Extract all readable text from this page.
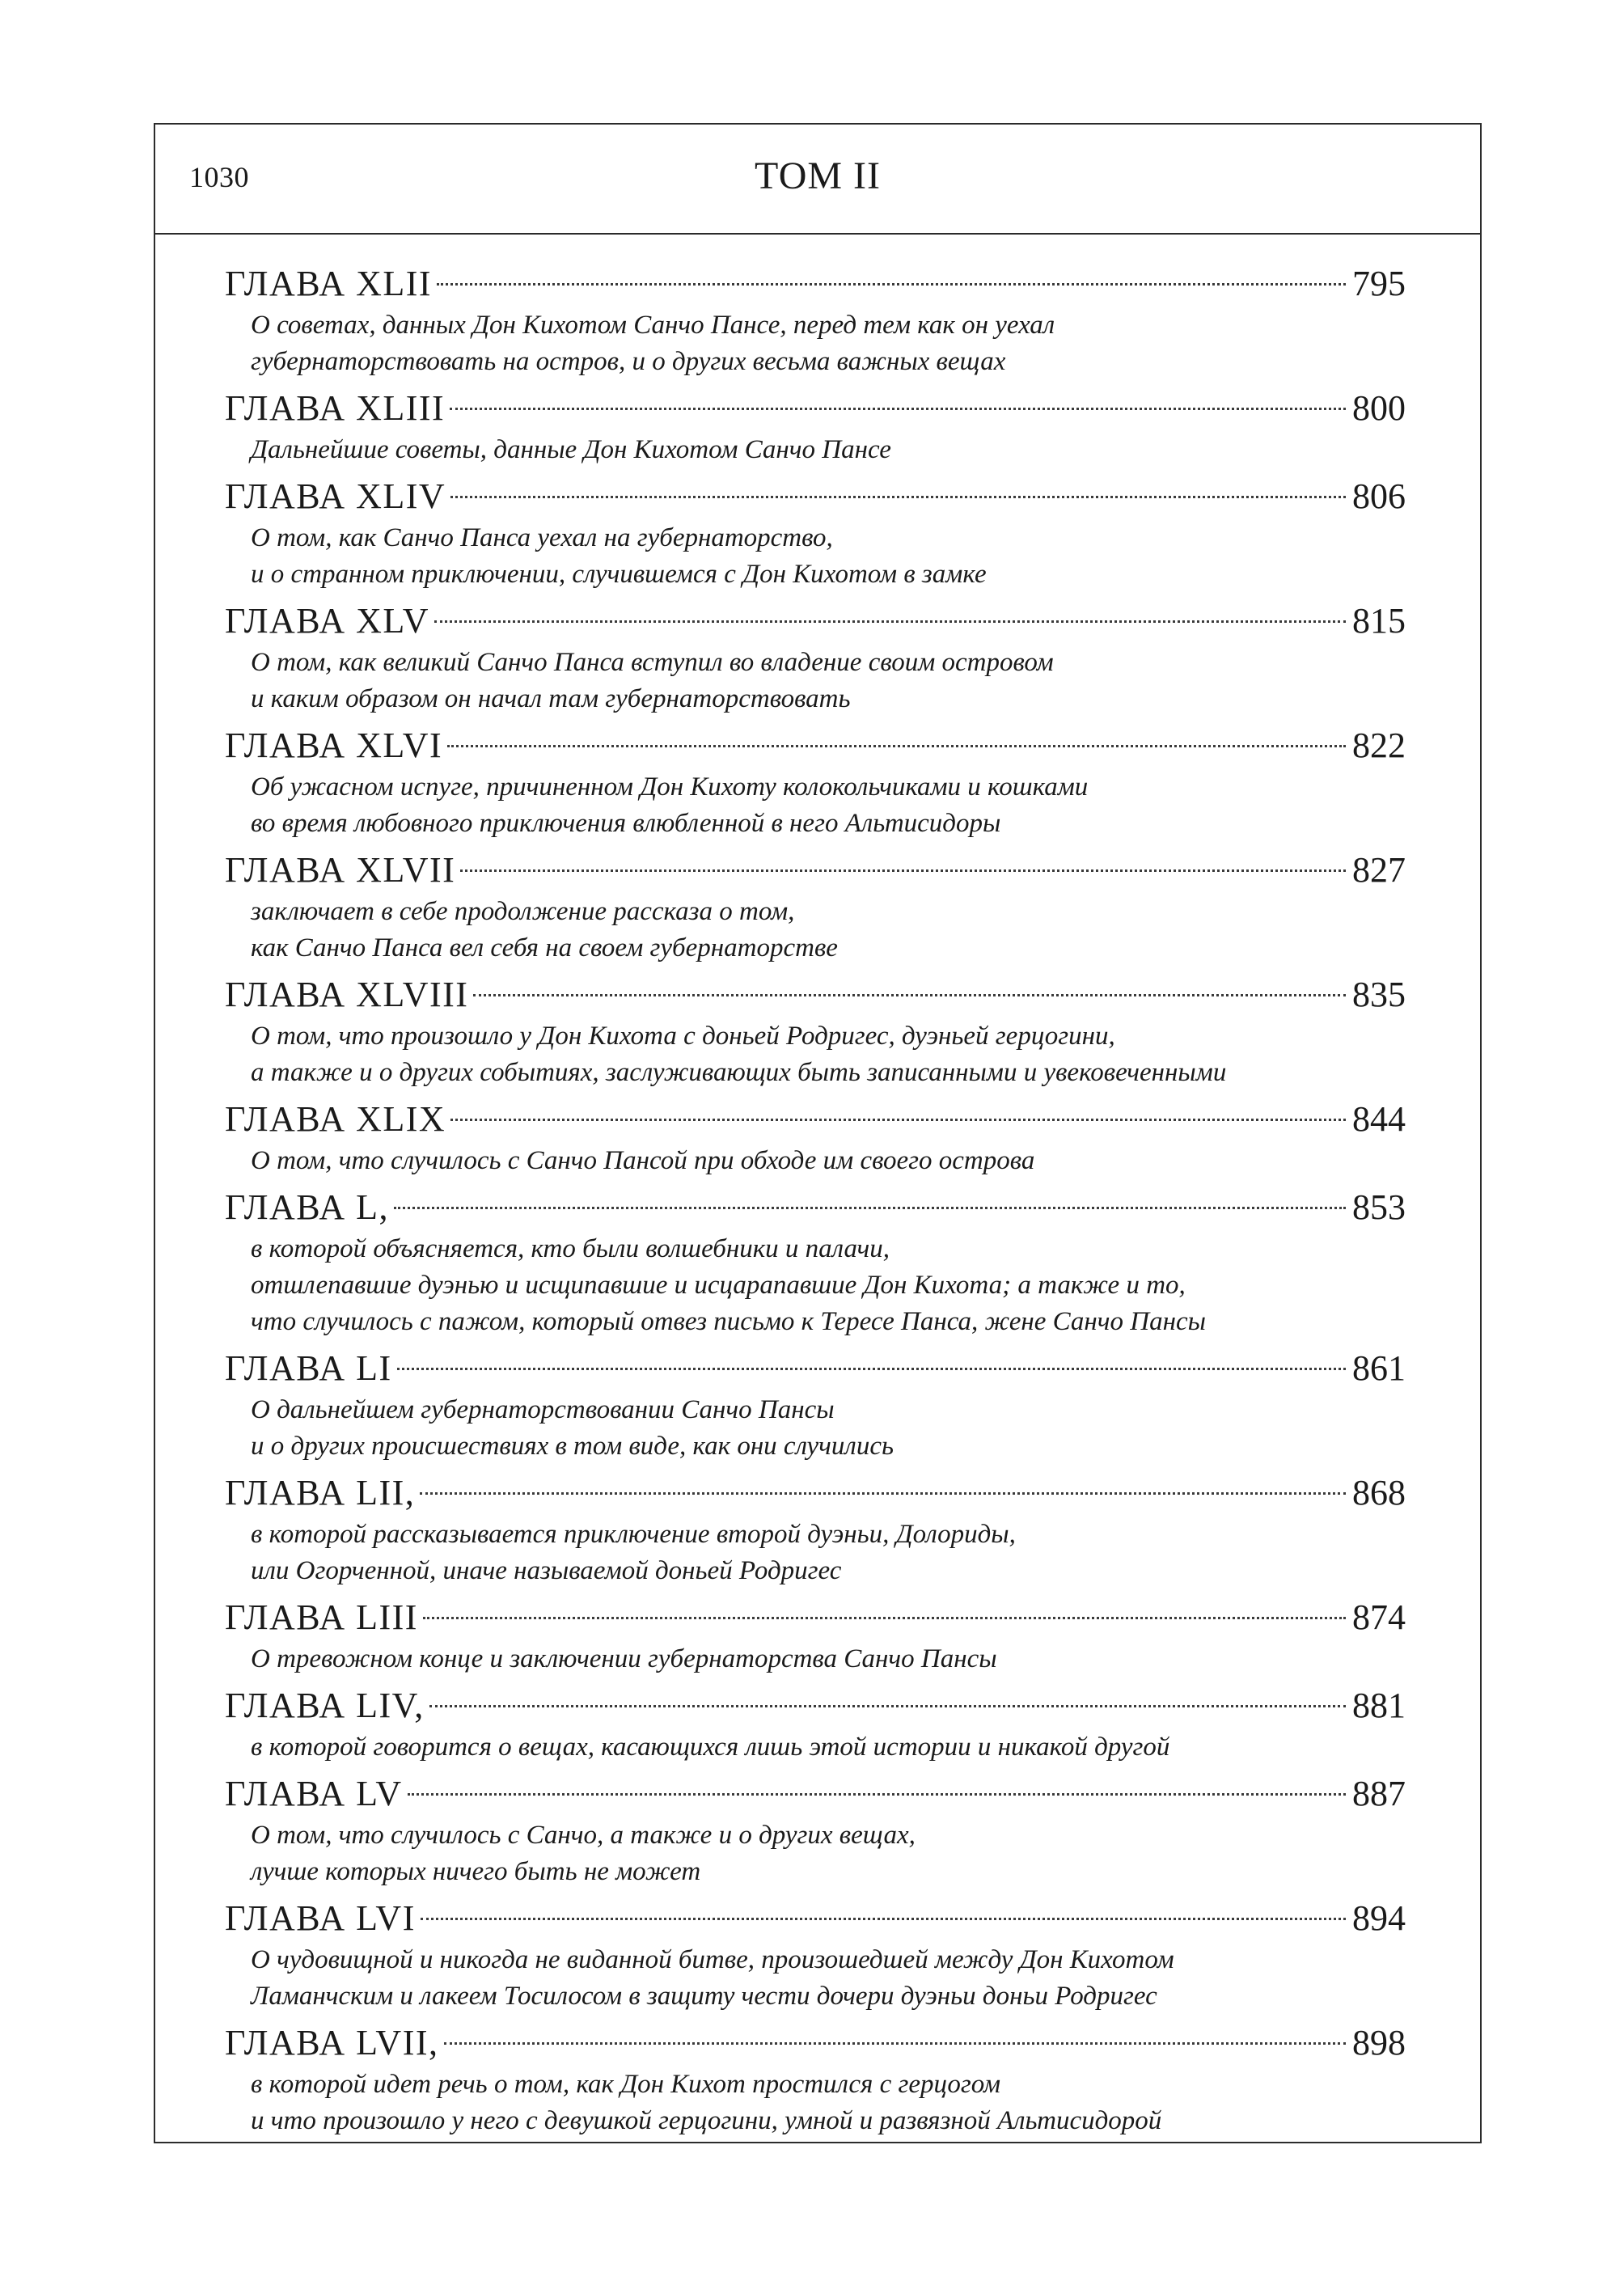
1030	ТОМ II
ГЛАВА XLII	795
О советах, данных Дон Кихотом Санчо Пансе, перед тем как он уехал
губернаторствовать на остров, и о других весьма важных вещах
ГЛАВА XLIII	800
Дальнейшие советы, данные Дон Кихотом Санчо Пансе
ГЛАВА XLIV	806
О том, как Санчо Панса уехал на губернаторство,
и о странном приключении, случившемся с Дон Кихотом в замке
ГЛАВА XLV	815
О том, как великий Санчо Панса вступил во владение своим островом
и каким образом он начал там губернаторствовать
ГЛАВА XLVI	822
Об ужасном испуге, причиненном Дон Кихоту колокольчиками и кошками
во время любовного приключения влюбленной в него Альтисидоры
ГЛАВА XLVII	827
заключает в себе продолжение рассказа о том,
как Санчо Панса вел себя на своем губернаторстве
ГЛАВА XLVIII	835
О том, что произошло у Дон Кихота с доньей Родригес, дуэньей герцогини,
а также и о других событиях, заслуживающих быть записанными и увековеченными
ГЛАВА XLIX	844
О том, что случилось с Санчо Пансой при обходе им своего острова
ГЛАВА L,	853
в которой объясняется, кто были волшебники и палачи,
отшлепавшие дуэнью и исщипавшие и исцарапавшие Дон Кихота; а также и то,
что случилось с пажом, который отвез письмо к Тересе Панса, жене Санчо Пансы
ГЛАВА LI	861
О дальнейшем губернаторствовании Санчо Пансы
и о других происшествиях в том виде, как они случились
ГЛАВА LII,	868
в которой рассказывается приключение второй дуэньи, Долориды,
или Огорченной, иначе называемой доньей Родригес
ГЛАВА LIII	874
О тревожном конце и заключении губернаторства Санчо Пансы
ГЛАВА LIV,	881
в которой говорится о вещах, касающихся лишь этой истории и никакой другой
ГЛАВА LV	887
О том, что случилось с Санчо, а также и о других вещах,
лучше которых ничего быть не может
ГЛАВА LVI	894
О чудовищной и никогда не виданной битве, произошедшей между Дон Кихотом
Ламанчским и лакеем Тосилосом в защиту чести дочери дуэньи доньи Родригес
ГЛАВА LVII,	898
в которой идет речь о том, как Дон Кихот простился с герцогом
и что произошло у него с девушкой герцогини, умной и развязной Альтисидорой
